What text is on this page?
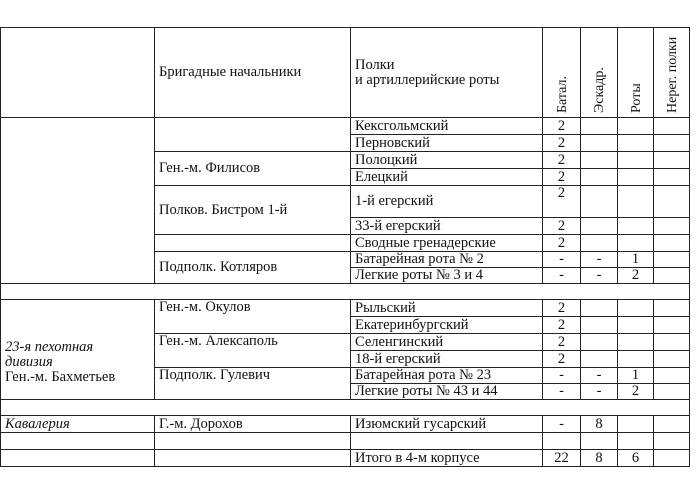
	Бригадные начальники	Полки
и артиллерийские роты	Батал.	Эскадр.	Роты	Нерег. полки

		Кексгольмский	2			
		Перновский	2			
	Ген.-м. Филисов	Полоцкий	2			
		Елецкий	2			
	Полков. Бистром 1-й	1-й егерский	2			
		33-й егерский	2			
		Сводные гренадерские	2			
	Подполк. Котляров	Батарейная рота № 2	-	-	1	
		Легкие роты № 3 и 4	-	-	2	

23-я пехотная
дивизия
Ген.-м. Бахметьев	Ген.-м. Окулов	Рыльский	2			
		Екатеринбургский	2			
	Ген.-м. Алексаполь	Селенгинский	2			
		18-й егерский	2			
	Подполк. Гулевич	Батарейная рота № 23	-	-	1	
		Легкие роты № 43 и 44	-	-	2	

Кавалерия	Г.-м. Дорохов	Изюмский гусарский	-	8		

		Итого в 4-м корпусе	22	8	6	
